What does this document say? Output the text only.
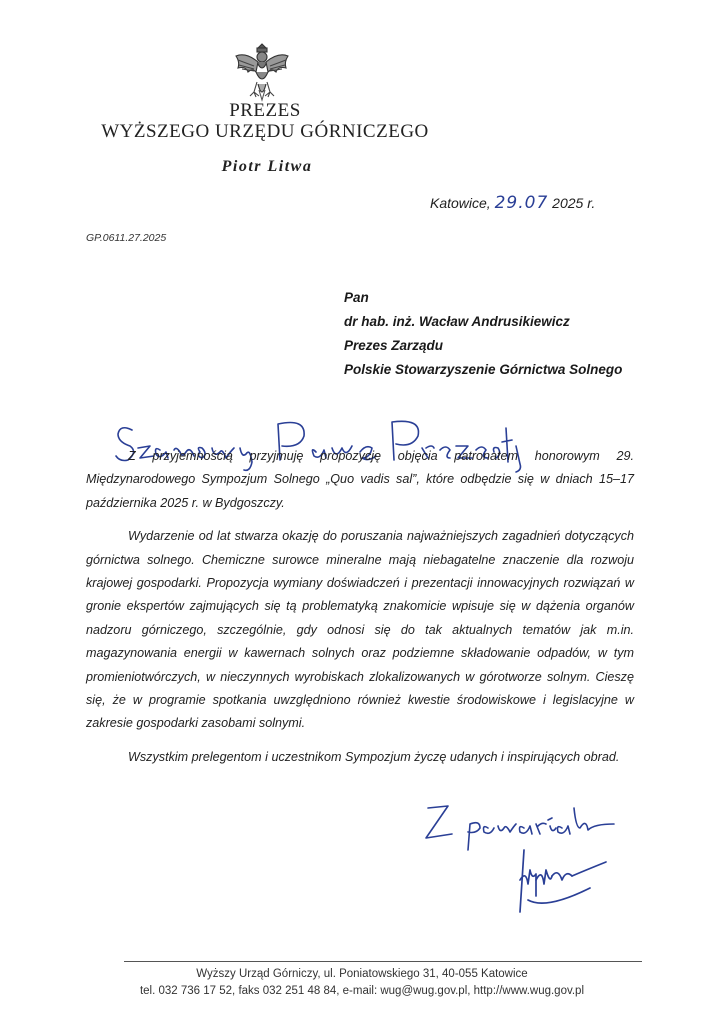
PREZES
WYŻSZEGO URZĘDU GÓRNICZEGO
Piotr Litwa
Katowice, 29.07 2025 r.
GP.0611.27.2025
Pan
dr hab. inż. Wacław Andrusikiewicz
Prezes Zarządu
Polskie Stowarzyszenie Górnictwa Solnego

Z przyjemnością przyjmuję propozycję objęcia patronatem honorowym 29. Międzynarodowego Sympozjum Solnego „Quo vadis sal”, które odbędzie się w dniach 15–17 października 2025 r. w Bydgoszczy.

Wydarzenie od lat stwarza okazję do poruszania najważniejszych zagadnień dotyczących górnictwa solnego. Chemiczne surowce mineralne mają niebagatelne znaczenie dla rozwoju krajowej gospodarki. Propozycja wymiany doświadczeń i prezentacji innowacyjnych rozwiązań w gronie ekspertów zajmujących się tą problematyką znakomicie wpisuje się w dążenia organów nadzoru górniczego, szczególnie, gdy odnosi się do tak aktualnych tematów jak m.in. magazynowania energii w kawernach solnych oraz podziemne składowanie odpadów, w tym promieniotwórczych, w nieczynnych wyrobiskach zlokalizowanych w górotworze solnym. Cieszę się, że w programie spotkania uwzględniono również kwestie środowiskowe i legislacyjne w zakresie gospodarki zasobami solnymi.

Wszystkim prelegentom i uczestnikom Sympozjum życzę udanych i inspirujących obrad.

Wyższy Urząd Górniczy, ul. Poniatowskiego 31, 40-055 Katowice
tel. 032 736 17 52, faks 032 251 48 84, e-mail: wug@wug.gov.pl, http://www.wug.gov.pl
